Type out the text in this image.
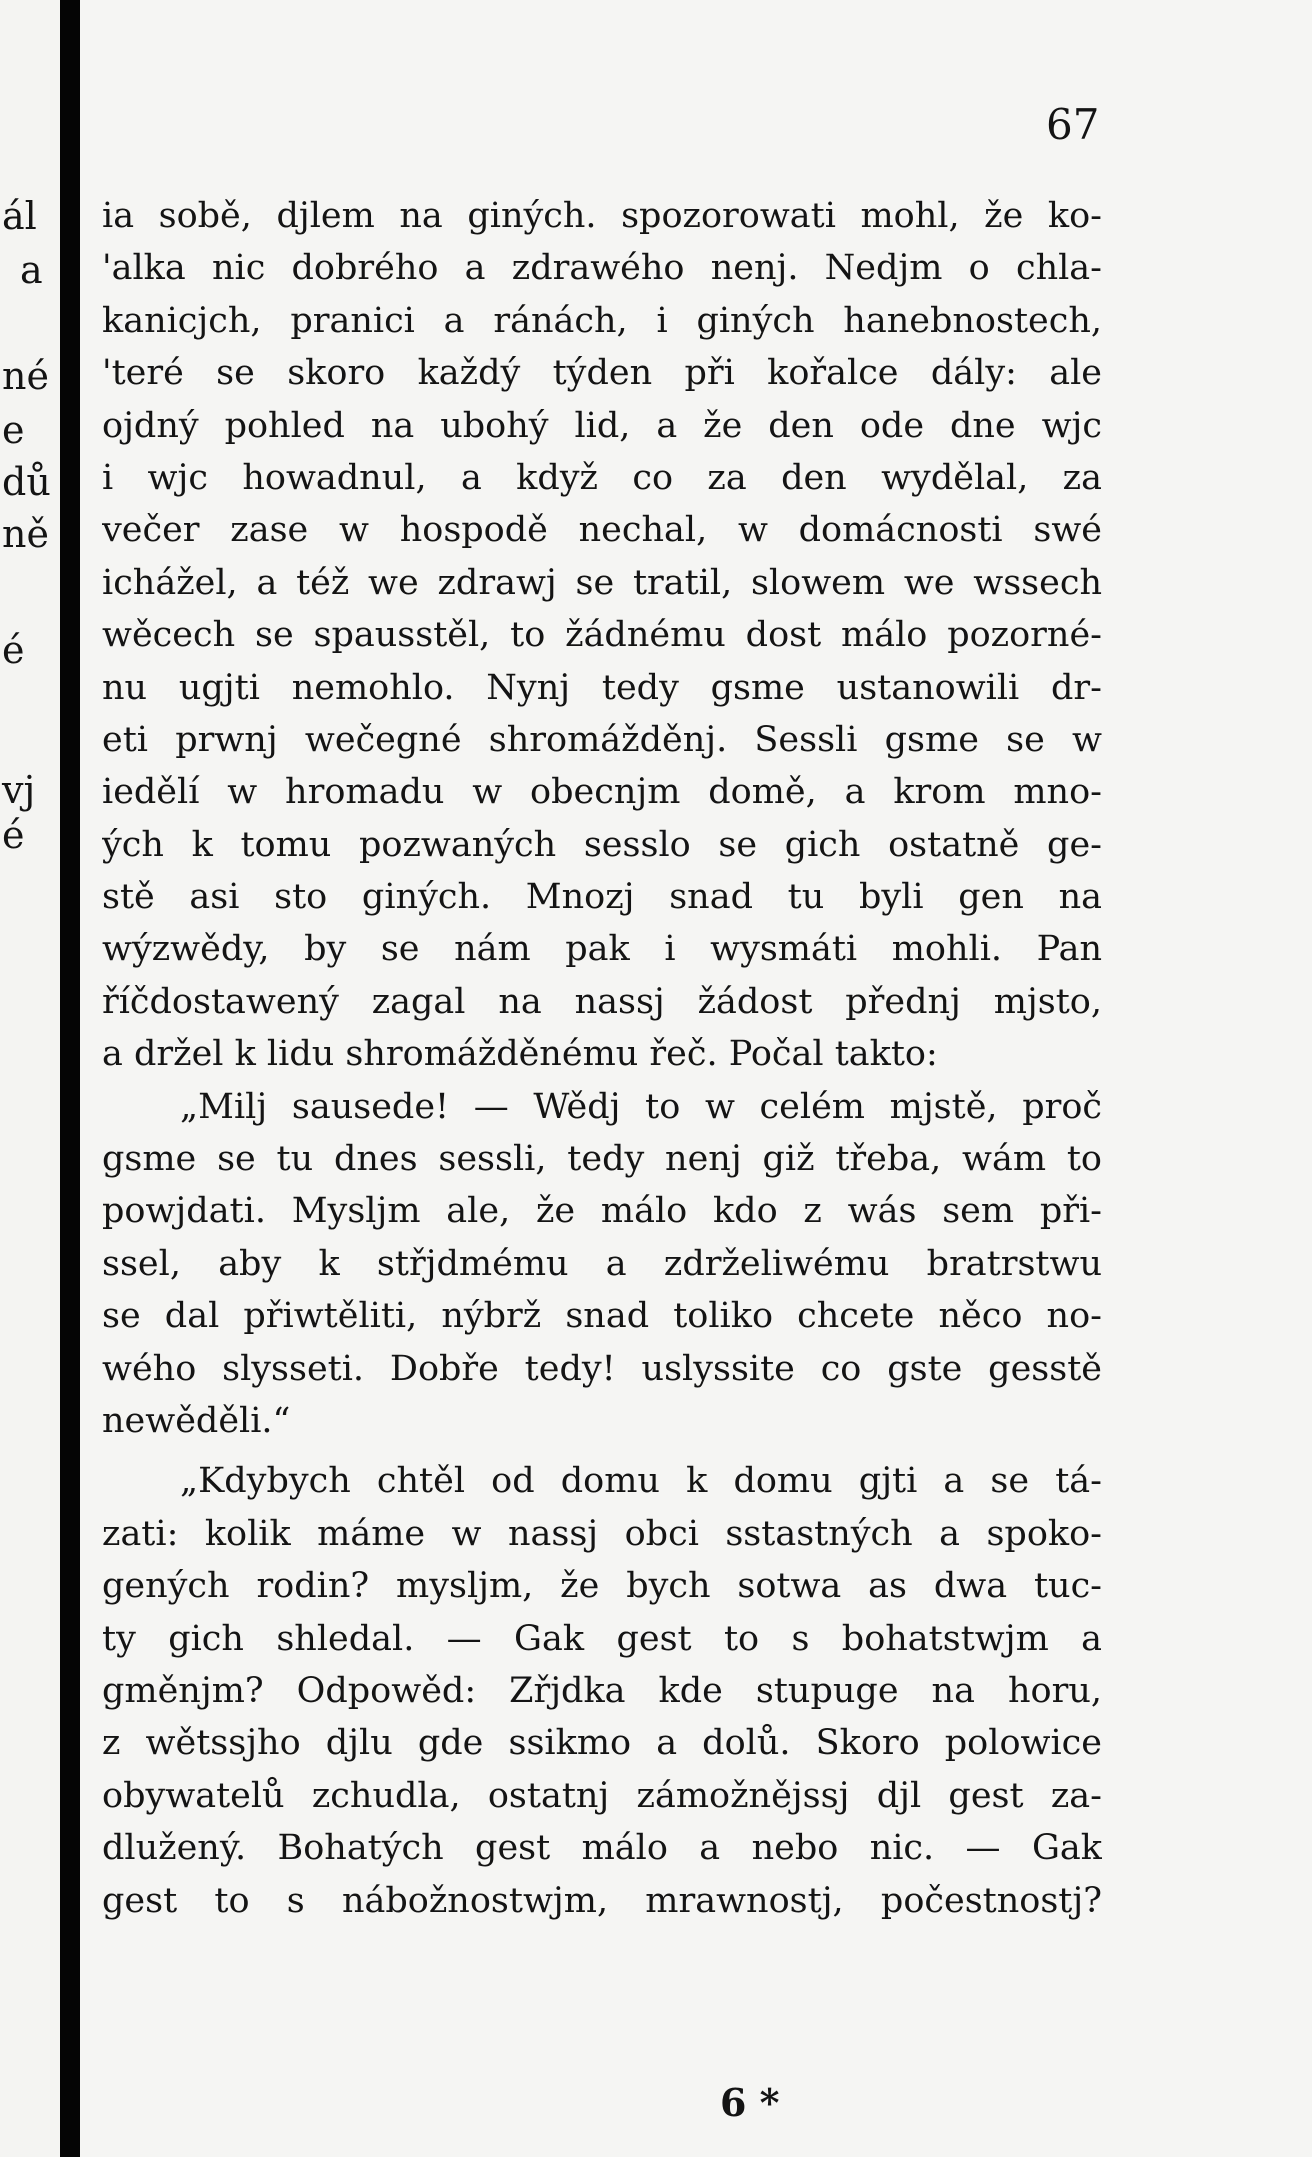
ál
a
né
e
dů
ně
é
vj
é
67
ia sobě, djlem na giných. spozorowati mohl, že ko-
'alka nic dobrého a zdrawého nenj. Nedjm o chla-
kanicjch, pranici a ránách, i giných hanebnostech,
'teré se skoro každý týden při kořalce dály: ale
ojdný pohled na ubohý lid, a že den ode dne wjc
i wjc howadnul, a když co za den wydělal, za
večer zase w hospodě nechal, w domácnosti swé
ichážel, a též we zdrawj se tratil, slowem we wssech
wěcech se spausstěl, to žádnému dost málo pozorné-
nu ugjti nemohlo. Nynj tedy gsme ustanowili dr-
eti prwnj wečegné shromážděnj. Sessli gsme se w
iedělí w hromadu w obecnjm domě, a krom mno-
ých k tomu pozwaných sesslo se gich ostatně ge-
stě asi sto giných. Mnozj snad tu byli gen na
wýzwědy, by se nám pak i wysmáti mohli. Pan
říčdostawený zagal na nassj žádost přednj mjsto,
a držel k lidu shromážděnému řeč. Počal takto:
„Milj sausede! — Wědj to w celém mjstě, proč
gsme se tu dnes sessli, tedy nenj giž třeba, wám to
powjdati. Myslјm ale, že málo kdo z wás sem při-
ssel, aby k střjdmému a zdrželiwému bratrstwu
se dal přiwtěliti, nýbrž snad toliko chcete něco no-
wého slysseti. Dobře tedy! uslyssite co gste gesstě
newěděli.“
„Kdybych chtěl od domu k domu gjti a se tá-
zati: kolik máme w nassj obci sstastných a spoko-
gených rodin? myslјm, že bych sotwa as dwa tuc-
ty gich shledal. — Gak gest to s bohatstwjm a
gměnjm? Odpowěd: Zřjdka kde stupuge na horu,
z wětssjho djlu gde ssikmo a dolů. Skoro polowice
obywatelů zchudla, ostatnj zámožnějssj djl gest za-
dlužený. Bohatých gest málo a nebo nic. — Gak
gest to s nábožnostwjm, mrawnostj, počestnostj?
6 *
